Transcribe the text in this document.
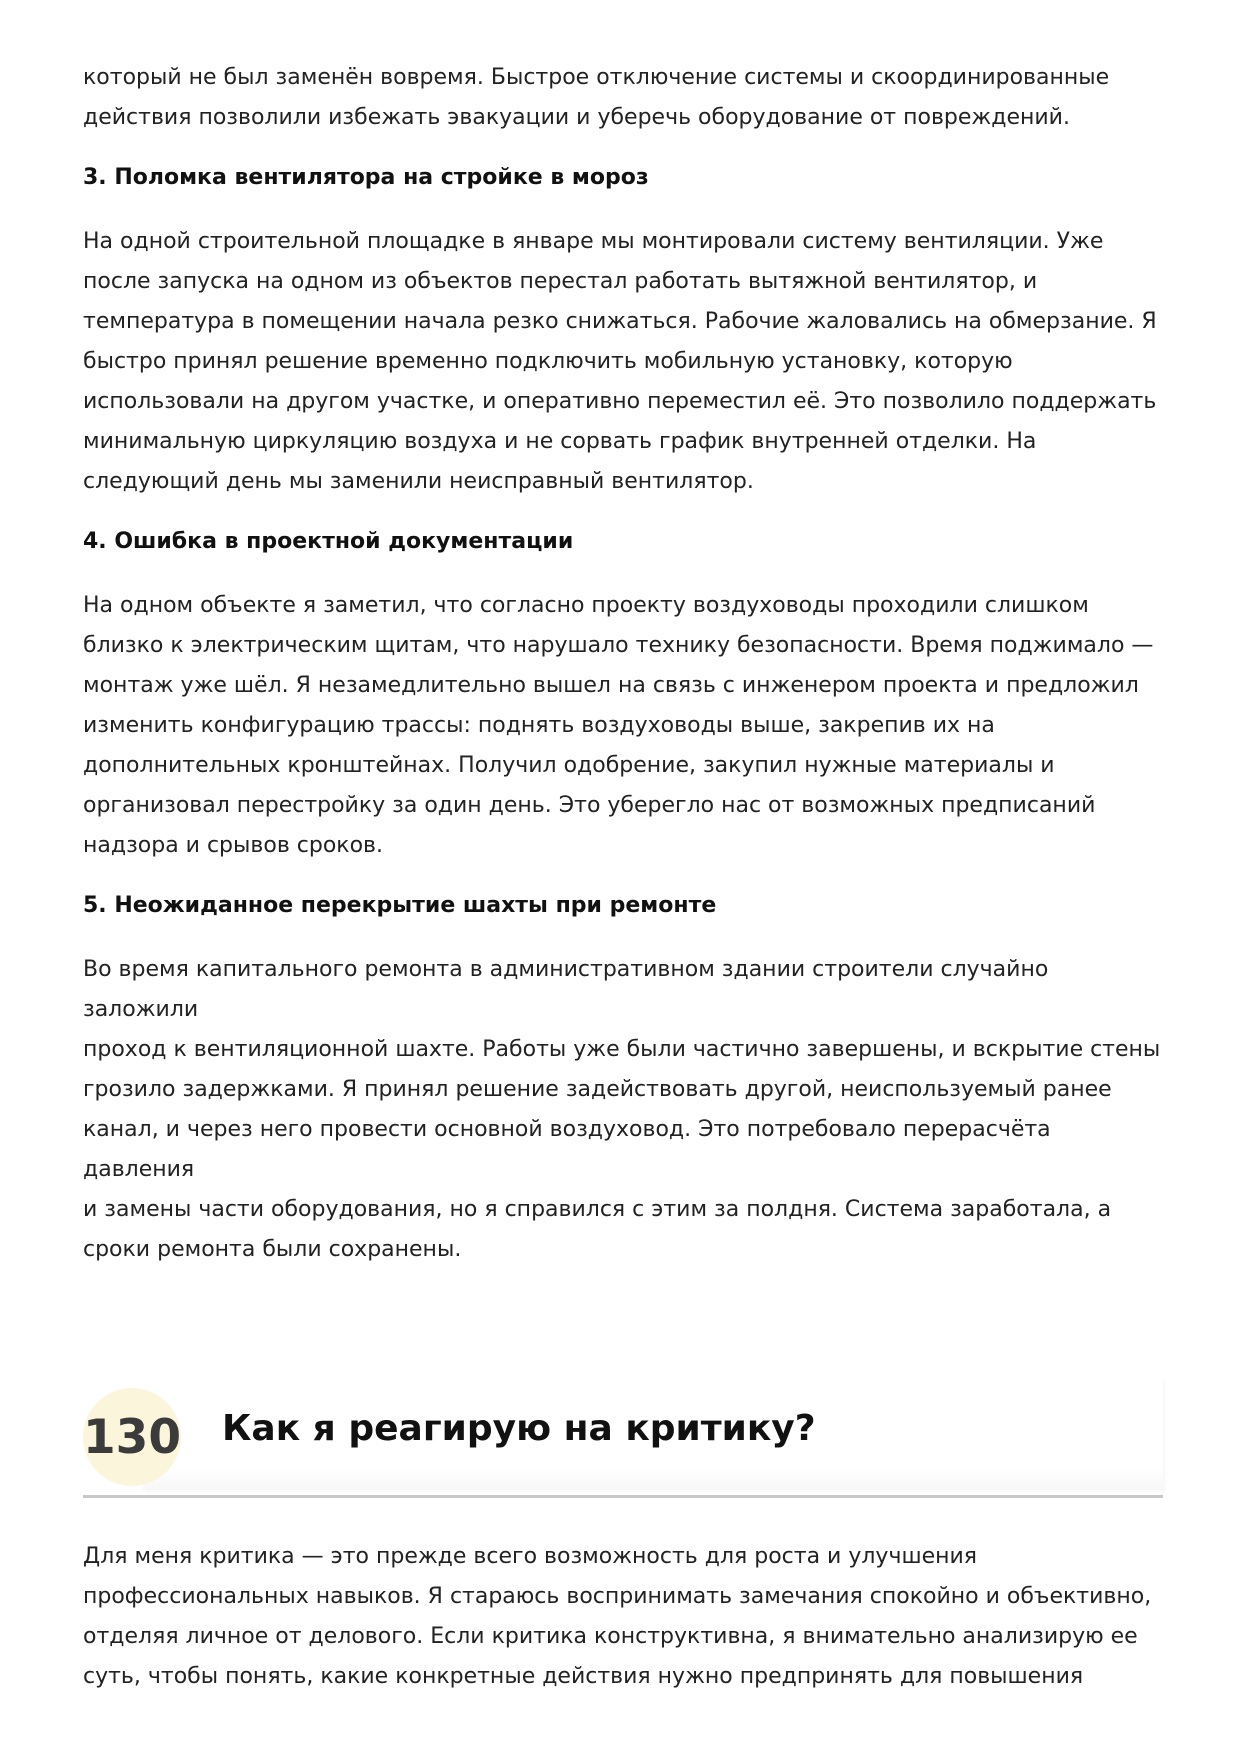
который не был заменён вовремя. Быстрое отключение системы и скоординированные

действия позволили избежать эвакуации и уберечь оборудование от повреждений.

3. Поломка вентилятора на стройке в мороз

На одной строительной площадке в январе мы монтировали систему вентиляции. Уже

после запуска на одном из объектов перестал работать вытяжной вентилятор, и

температура в помещении начала резко снижаться. Рабочие жаловались на обмерзание. Я

быстро принял решение временно подключить мобильную установку, которую

использовали на другом участке, и оперативно переместил её. Это позволило поддержать

минимальную циркуляцию воздуха и не сорвать график внутренней отделки. На

следующий день мы заменили неисправный вентилятор.

4. Ошибка в проектной документации

На одном объекте я заметил, что согласно проекту воздуховоды проходили слишком

близко к электрическим щитам, что нарушало технику безопасности. Время поджимало —

монтаж уже шёл. Я незамедлительно вышел на связь с инженером проекта и предложил

изменить конфигурацию трассы: поднять воздуховоды выше, закрепив их на

дополнительных кронштейнах. Получил одобрение, закупил нужные материалы и

организовал перестройку за один день. Это уберегло нас от возможных предписаний

надзора и срывов сроков.

5. Неожиданное перекрытие шахты при ремонте

Во время капитального ремонта в административном здании строители случайно заложили

проход к вентиляционной шахте. Работы уже были частично завершены, и вскрытие стены

грозило задержками. Я принял решение задействовать другой, неиспользуемый ранее

канал, и через него провести основной воздуховод. Это потребовало перерасчёта давления

и замены части оборудования, но я справился с этим за полдня. Система заработала, а

сроки ремонта были сохранены.

130 Как я реагирую на критику?

Для меня критика — это прежде всего возможность для роста и улучшения

профессиональных навыков. Я стараюсь воспринимать замечания спокойно и объективно,

отделяя личное от делового. Если критика конструктивна, я внимательно анализирую ее

суть, чтобы понять, какие конкретные действия нужно предпринять для повышения
